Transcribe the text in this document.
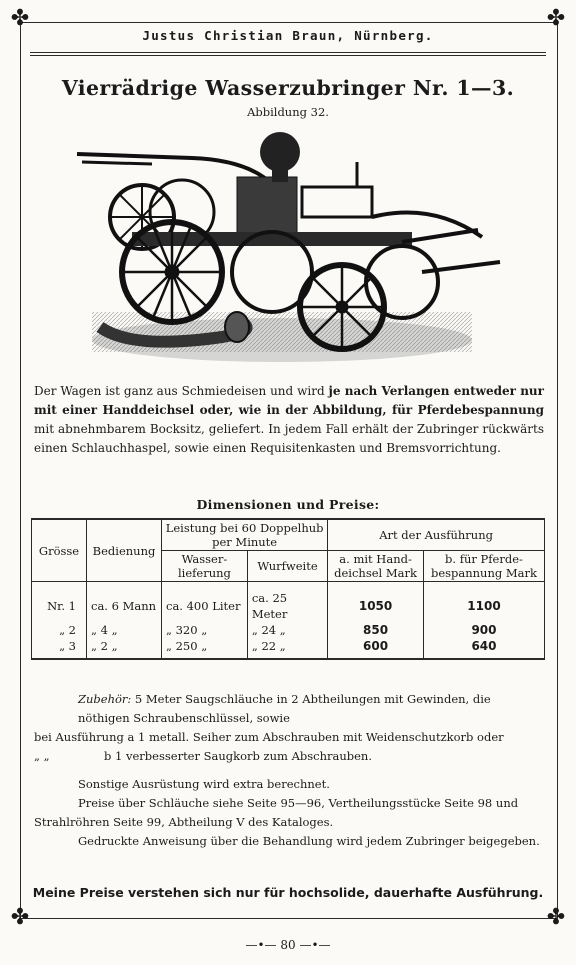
✤	✤
✤	✤
Justus Christian Braun, Nürnberg.
Vierrädrige Wasserzubringer Nr. 1—3.
Abbildung 32.
Der Wagen ist ganz aus Schmiedeisen und wird je nach Verlangen entweder nur mit einer Handdeichsel oder, wie in der Abbildung, für Pferdebespannung mit abnehmbarem Bocksitz, geliefert. In jedem Fall erhält der Zubringer rückwärts einen Schlauchhaspel, sowie einen Requisitenkasten und Bremsvorrichtung.
Dimensionen und Preise:
Grösse	Bedienung	Leistung bei 60 Doppelhub per Minute		Art der Ausführung	
		Wasser-lieferung	Wurfweite	a. mit Hand-deichsel Mark	b. für Pferde-bespannung Mark
Nr. 1	ca. 6 Mann	ca. 400 Liter	ca. 25 Meter	1050	1100
„ 2	„ 4 „	„ 320 „	„ 24 „	850	900
„ 3	„ 2 „	„ 250 „	„ 22 „	600	640
Zubehör: 5 Meter Saugschläuche in 2 Abtheilungen mit Gewinden, die nöthigen Schraubenschlüssel, sowie
bei Ausführung a 1 metall. Seiher zum Abschrauben mit Weidenschutzkorb oder
„ „	b 1 verbesserter Saugkorb zum Abschrauben.
Sonstige Ausrüstung wird extra berechnet.
Preise über Schläuche siehe Seite 95—96, Vertheilungsstücke Seite 98 und Strahlröhren Seite 99, Abtheilung V des Kataloges.
Gedruckte Anweisung über die Behandlung wird jedem Zubringer beigegeben.
Meine Preise verstehen sich nur für hochsolide, dauerhafte Ausführung.
—•— 80 —•—
